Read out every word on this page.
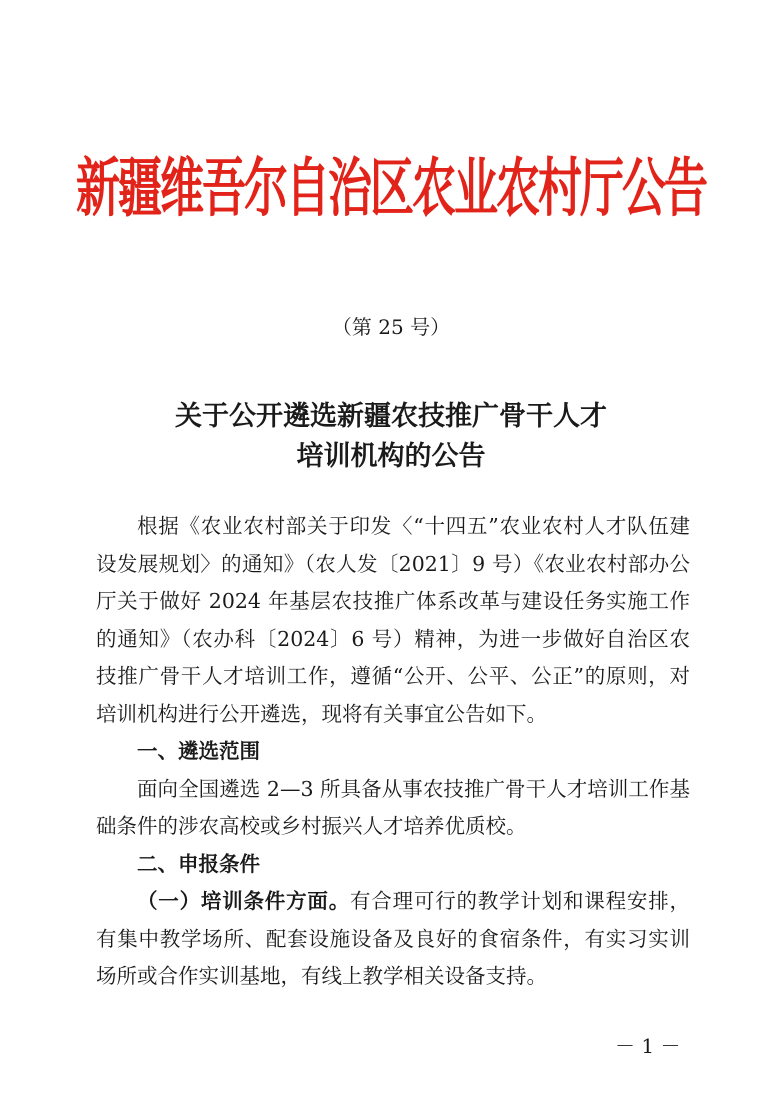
新疆维吾尔自治区农业农村厅公告
（第 25 号）
关于公开遴选新疆农技推广骨干人才
培训机构的公告

根据《农业农村部关于印发〈“十四五”农业农村人才队伍建设发展规划〉的通知》（农人发〔2021〕9 号）《农业农村部办公厅关于做好 2024 年基层农技推广体系改革与建设任务实施工作的通知》（农办科〔2024〕6 号）精神，为进一步做好自治区农技推广骨干人才培训工作，遵循“公开、公平、公正”的原则，对培训机构进行公开遴选，现将有关事宜公告如下。

一、遴选范围

面向全国遴选 2—3 所具备从事农技推广骨干人才培训工作基础条件的涉农高校或乡村振兴人才培养优质校。

二、申报条件

（一）培训条件方面。有合理可行的教学计划和课程安排，有集中教学场所、配套设施设备及良好的食宿条件，有实习实训场所或合作实训基地，有线上教学相关设备支持。

－ 1 －
